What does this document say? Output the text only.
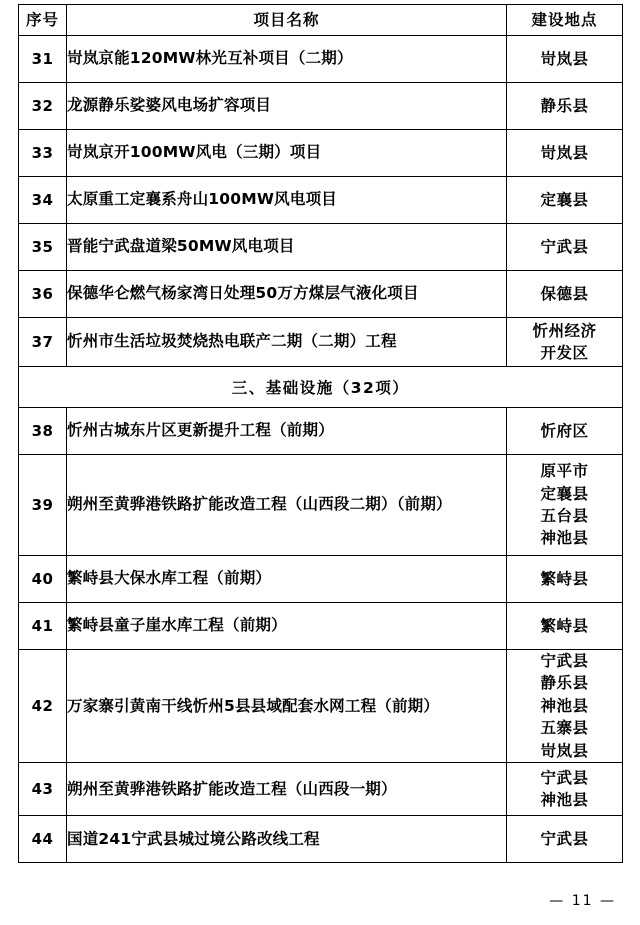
序号	项目名称	建设地点
31	岢岚京能120MW林光互补项目（二期）	岢岚县

32	龙源静乐娑婆风电场扩容项目	静乐县

33	岢岚京开100MW风电（三期）项目	岢岚县

34	太原重工定襄系舟山100MW风电项目	定襄县

35	晋能宁武盘道梁50MW风电项目	宁武县

36	保德华仑燃气杨家湾日处理50万方煤层气液化项目	保德县

37	忻州市生活垃圾焚烧热电联产二期（二期）工程	忻州经济
开发区

三、基础设施（32项）		
38	忻州古城东片区更新提升工程（前期）	忻府区

39	朔州至黄骅港铁路扩能改造工程（山西段二期）（前期）	原平市
定襄县
五台县
神池县

40	繁峙县大保水库工程（前期）	繁峙县

41	繁峙县童子崖水库工程（前期）	繁峙县

42	万家寨引黄南干线忻州5县县域配套水网工程（前期）	宁武县
静乐县
神池县
五寨县
岢岚县

43	朔州至黄骅港铁路扩能改造工程（山西段一期）	宁武县
神池县

44	国道241宁武县城过境公路改线工程	宁武县
— 11 —
